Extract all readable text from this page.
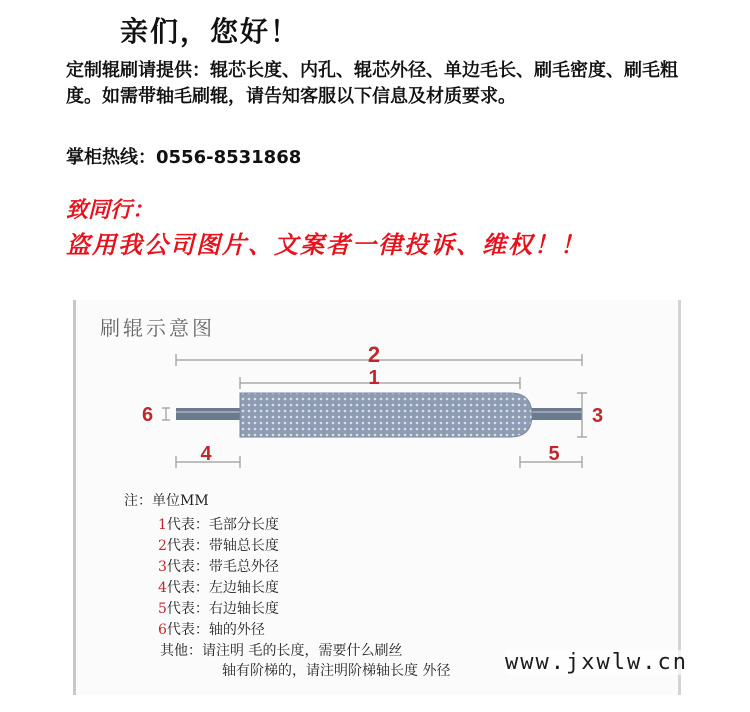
亲们，您好！
定制辊刷请提供：辊芯长度、内孔、辊芯外径、单边毛长、刷毛密度、刷毛粗度。如需带轴毛刷辊，请告知客服以下信息及材质要求。
掌柜热线：0556-8531868
致同行：
盗用我公司图片、文案者一律投诉、维权！！
刷辊示意图
2
1
3
6
4	5
注：单位MM
1代表：毛部分长度
2代表：带轴总长度
3代表：带毛总外径
4代表：左边轴长度
5代表：右边轴长度
6代表：轴的外径
其他：请注明 毛的长度，需要什么刷丝
轴有阶梯的，请注明阶梯轴长度 外径 www.jxwlw.cn
